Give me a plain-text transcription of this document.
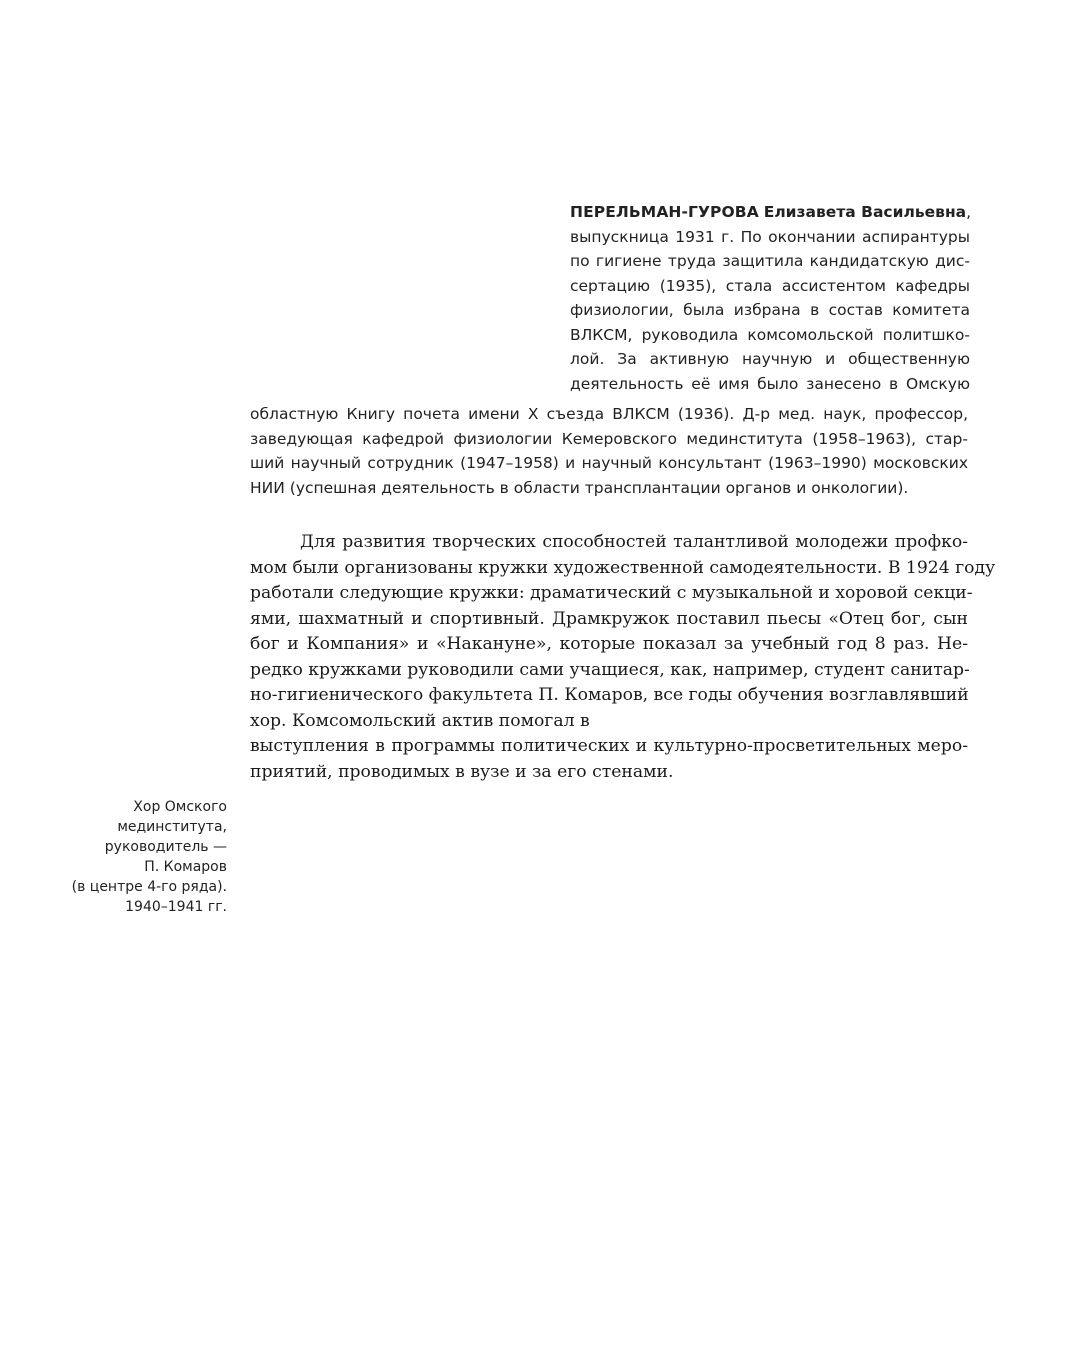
ПЕРЕЛЬМАН-ГУРОВА Елизавета Васильевна,
выпускница 1931 г. По окончании аспирантуры
по гигиене труда защитила кандидатскую дис-
сертацию (1935), стала ассистентом кафедры
физиологии, была избрана в состав комитета
ВЛКСМ, руководила комсомольской политшко-
лой. За активную научную и общественную
деятельность её имя было занесено в Омскую
областную Книгу почета имени X съезда ВЛКСМ (1936). Д-р мед. наук, профессор,
заведующая кафедрой физиологии Кемеровского мединститута (1958–1963), стар-
ший научный сотрудник (1947–1958) и научный консультант (1963–1990) московских
НИИ (успешная деятельность в области трансплантации органов и онкологии).
Для развития творческих способностей талантливой молодежи профко-
мом были организованы кружки художественной самодеятельности. В 1924 году
работали следующие кружки: драматический с музыкальной и хоровой секци-
ями, шахматный и спортивный. Драмкружок поставил пьесы «Отец бог, сын
бог и Компания» и «Накануне», которые показал за учебный год 8 раз. Не-
редко кружками руководили сами учащиеся, как, например, студент санитар-
но-гигиенического факультета П. Комаров, все годы обучения возглавлявший
хор. Комсомольский актив помогал в
выступления в программы политических и культурно-просветительных меро-
приятий, проводимых в вузе и за его стенами.
Хор Омского
мединститута,
руководитель —
П. Комаров
(в центре 4-го ряда).
1940–1941 гг.
